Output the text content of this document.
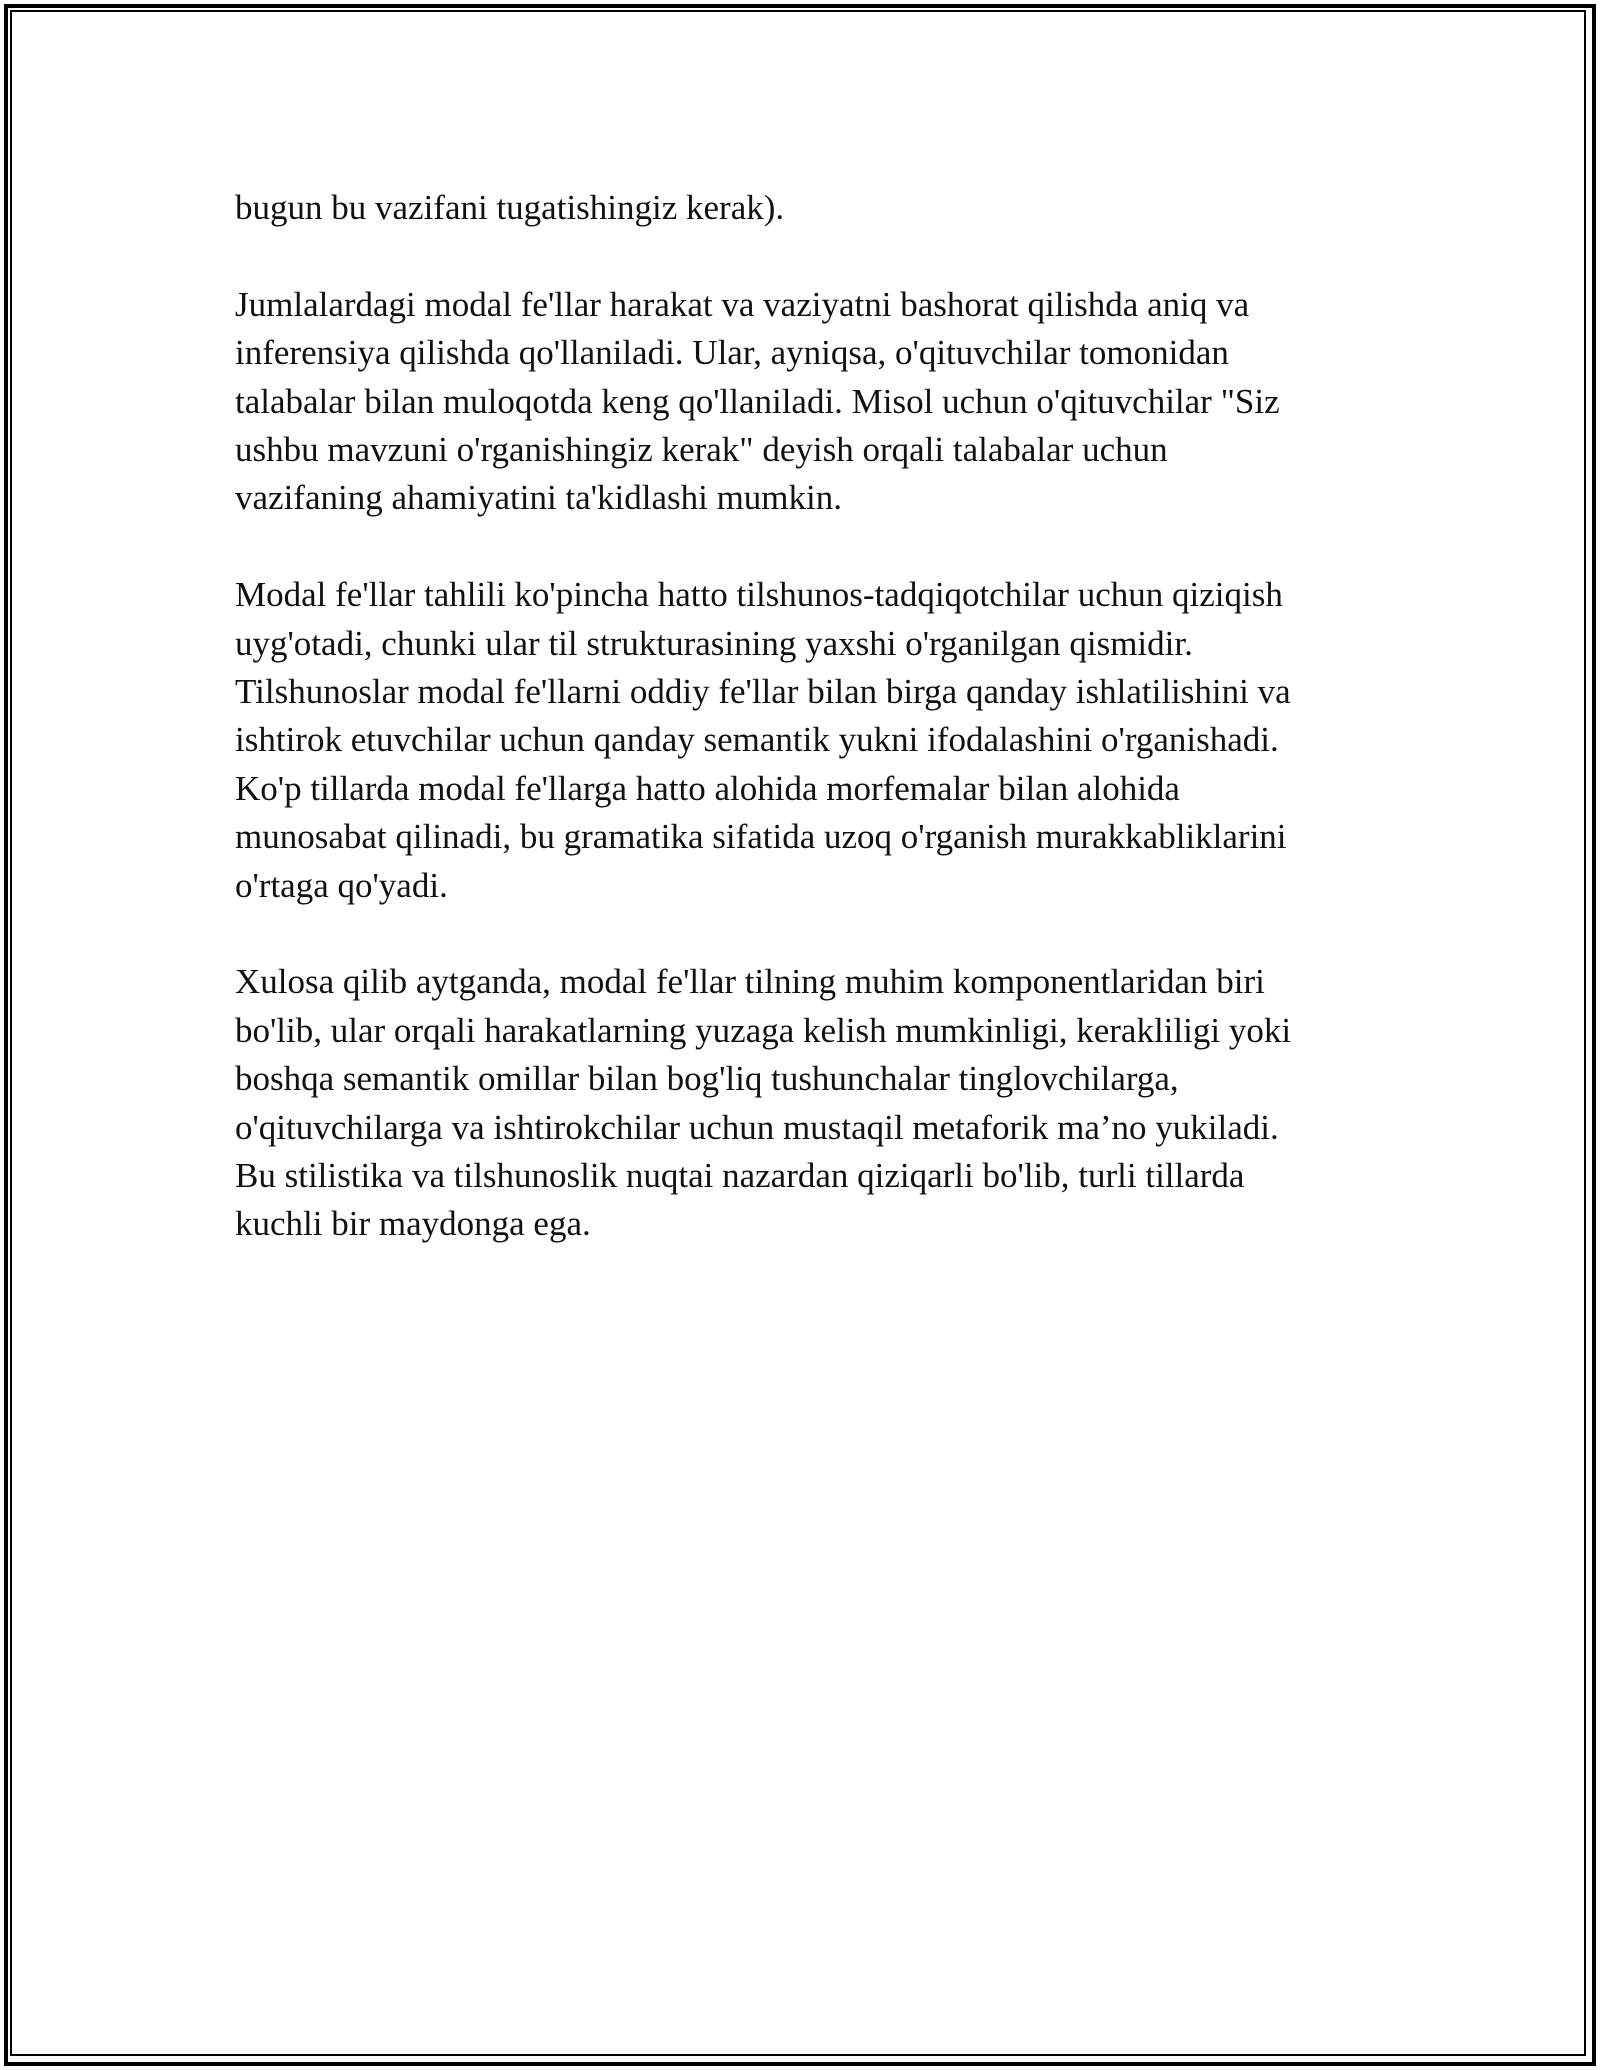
bugun bu vazifani tugatishingiz kerak).

Jumlalardagi modal fe'llar harakat va vaziyatni bashorat qilishda aniq va
inferensiya qilishda qo'llaniladi. Ular, ayniqsa, o'qituvchilar tomonidan
talabalar bilan muloqotda keng qo'llaniladi. Misol uchun o'qituvchilar "Siz
ushbu mavzuni o'rganishingiz kerak" deyish orqali talabalar uchun
vazifaning ahamiyatini ta'kidlashi mumkin.

Modal fe'llar tahlili ko'pincha hatto tilshunos-tadqiqotchilar uchun qiziqish
uyg'otadi, chunki ular til strukturasining yaxshi o'rganilgan qismidir.
Tilshunoslar modal fe'llarni oddiy fe'llar bilan birga qanday ishlatilishini va
ishtirok etuvchilar uchun qanday semantik yukni ifodalashini o'rganishadi.
Ko'p tillarda modal fe'llarga hatto alohida morfemalar bilan alohida
munosabat qilinadi, bu gramatika sifatida uzoq o'rganish murakkabliklarini
o'rtaga qo'yadi.

Xulosa qilib aytganda, modal fe'llar tilning muhim komponentlaridan biri
bo'lib, ular orqali harakatlarning yuzaga kelish mumkinligi, kerakliligi yoki
boshqa semantik omillar bilan bog'liq tushunchalar tinglovchilarga,
o'qituvchilarga va ishtirokchilar uchun mustaqil metaforik ma’no yukiladi.
Bu stilistika va tilshunoslik nuqtai nazardan qiziqarli bo'lib, turli tillarda
kuchli bir maydonga ega.
